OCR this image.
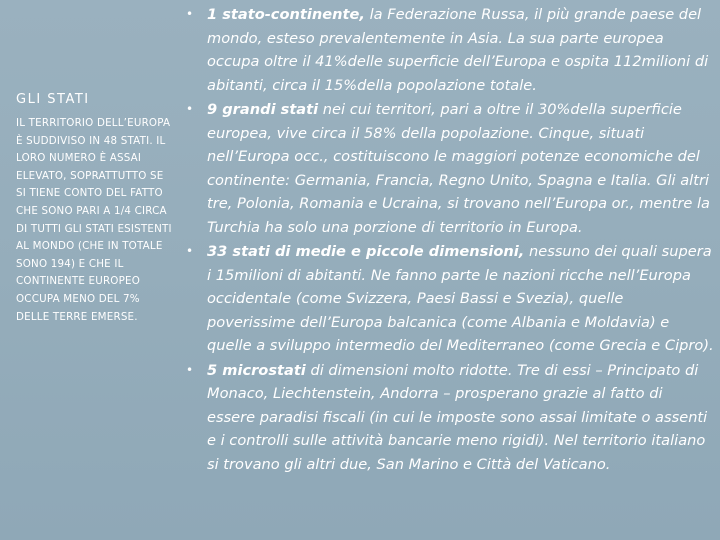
GLI STATI

IL TERRITORIO DELL’EUROPA È SUDDIVISO IN 48 STATI. IL LORO NUMERO È ASSAI ELEVATO, SOPRATTUTTO SE SI TIENE CONTO DEL FATTO CHE SONO PARI A 1/4 CIRCA DI TUTTI GLI STATI ESISTENTI AL MONDO (CHE IN TOTALE SONO 194) E CHE IL CONTINENTE EUROPEO OCCUPA MENO DEL 7% DELLE TERRE EMERSE.

• 1 stato-continente, la Federazione Russa, il più grande paese del mondo, esteso prevalentemente in Asia. La sua parte europea occupa oltre il 41%delle superficie dell’Europa e ospita 112milioni di abitanti, circa il 15%della popolazione totale.
• 9 grandi stati nei cui territori, pari a oltre il 30%della superficie europea, vive circa il 58% della popolazione. Cinque, situati nell’Europa occ., costituiscono le maggiori potenze economiche del continente: Germania, Francia, Regno Unito, Spagna e Italia. Gli altri tre, Polonia, Romania e Ucraina, si trovano nell’Europa or., mentre la Turchia ha solo una porzione di territorio in Europa.
• 33 stati di medie e piccole dimensioni, nessuno dei quali supera i 15milioni di abitanti. Ne fanno parte le nazioni ricche nell’Europa occidentale (come Svizzera, Paesi Bassi e Svezia), quelle poverissime dell’Europa balcanica (come Albania e Moldavia) e quelle a sviluppo intermedio del Mediterraneo (come Grecia e Cipro).
• 5 microstati di dimensioni molto ridotte. Tre di essi – Principato di Monaco, Liechtenstein, Andorra – prosperano grazie al fatto di essere paradisi fiscali (in cui le imposte sono assai limitate o assenti e i controlli sulle attività bancarie meno rigidi). Nel territorio italiano si trovano gli altri due, San Marino e Città del Vaticano.
